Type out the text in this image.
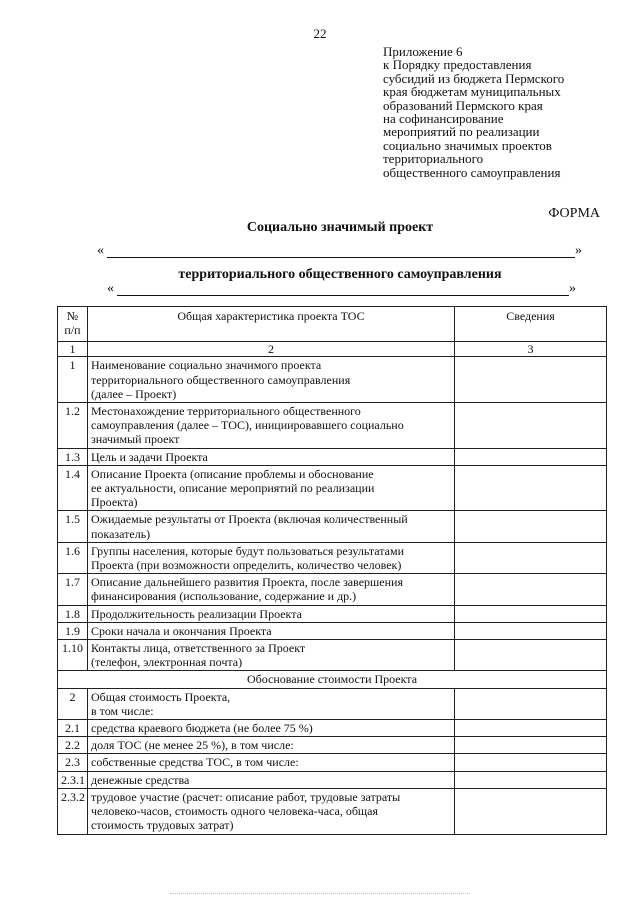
22
Приложение 6
к Порядку предоставления
субсидий из бюджета Пермского
края бюджетам муниципальных
образований Пермского края
на софинансирование
мероприятий по реализации
социально значимых проектов
территориального
общественного самоуправления
ФОРМА
Социально значимый проект
«	»
территориального общественного самоуправления
«	»
№ п/п	Общая характеристика проекта ТОС	Сведения
1	2	3
1	Наименование социально значимого проекта
территориального общественного самоуправления
(далее – Проект)	

1.2	Местонахождение территориального общественного
самоуправления (далее – ТОС), инициировавшего социально
значимый проект	

1.3	Цель и задачи Проекта	

1.4	Описание Проекта (описание проблемы и обоснование
ее актуальности, описание мероприятий по реализации
Проекта)	

1.5	Ожидаемые результаты от Проекта (включая количественный
показатель)	

1.6	Группы населения, которые будут пользоваться результатами
Проекта (при возможности определить, количество человек)	

1.7	Описание дальнейшего развития Проекта, после завершения
финансирования (использование, содержание и др.)	

1.8	Продолжительность реализации Проекта	

1.9	Сроки начала и окончания Проекта	

1.10	Контакты лица, ответственного за Проект
(телефон, электронная почта)	

Обоснование стоимости Проекта		
2	Общая стоимость Проекта,
в том числе:	

2.1	средства краевого бюджета (не более 75 %)	

2.2	доля ТОС (не менее 25 %), в том числе:	

2.3	собственные средства ТОС, в том числе:	

2.3.1	денежные средства	

2.3.2	трудовое участие (расчет: описание работ, трудовые затраты
человеко-часов, стоимость одного человека-часа, общая
стоимость трудовых затрат)	
